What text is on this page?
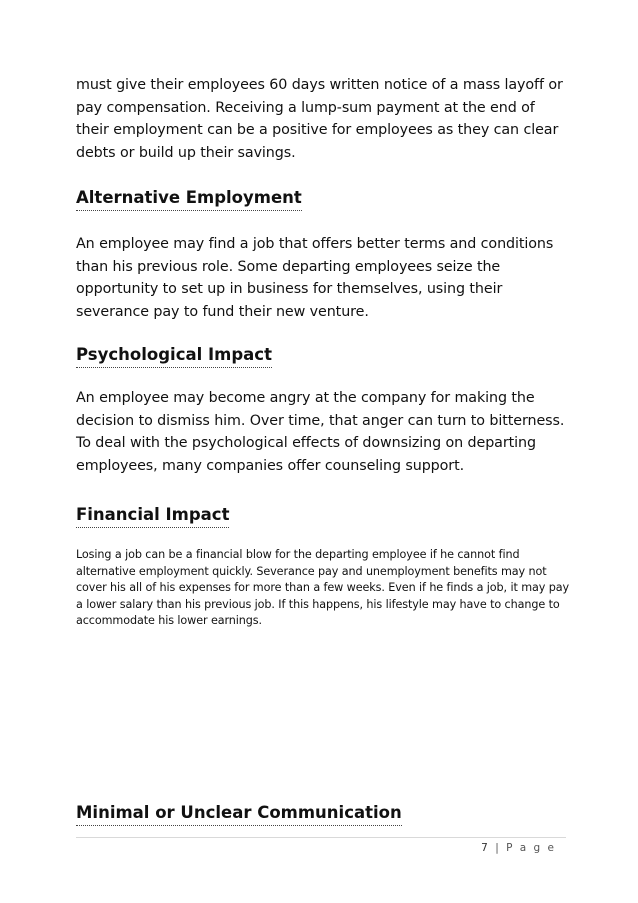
must give their employees 60 days written notice of a mass layoff or pay compensation. Receiving a lump-sum payment at the end of their employment can be a positive for employees as they can clear debts or build up their savings.

Alternative Employment

An employee may find a job that offers better terms and conditions than his previous role. Some departing employees seize the opportunity to set up in business for themselves, using their severance pay to fund their new venture.

Psychological Impact

An employee may become angry at the company for making the decision to dismiss him. Over time, that anger can turn to bitterness. To deal with the psychological effects of downsizing on departing employees, many companies offer counseling support.

Financial Impact

Losing a job can be a financial blow for the departing employee if he cannot find alternative employment quickly. Severance pay and unemployment benefits may not cover his all of his expenses for more than a few weeks. Even if he finds a job, it may pay a lower salary than his previous job. If this happens, his lifestyle may have to change to accommodate his lower earnings.

Minimal or Unclear Communication
7 | P a g e
